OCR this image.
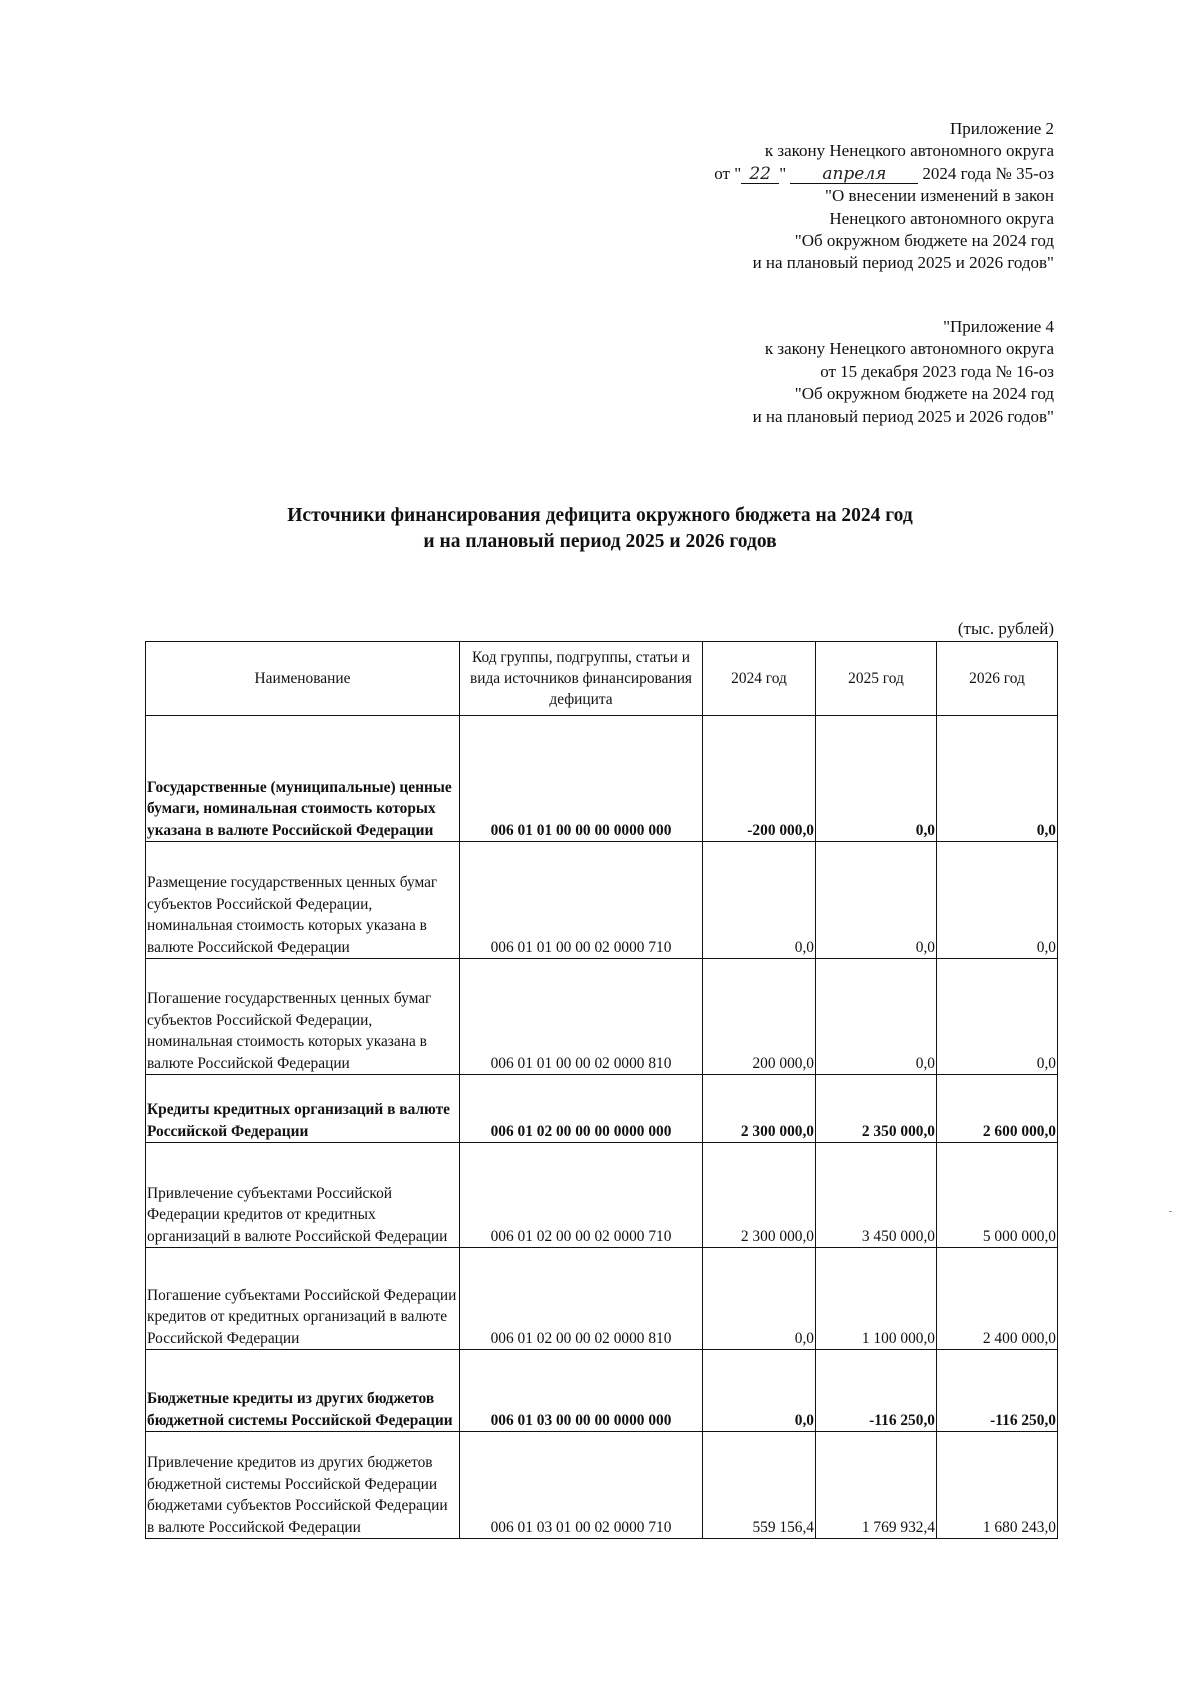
Приложение 2
к закону Ненецкого автономного округа
от " 22 " апреля 2024 года № 35-оз
"О внесении изменений в закон
Ненецкого автономного округа
"Об окружном бюджете на 2024 год
и на плановый период 2025 и 2026 годов"
"Приложение 4
к закону Ненецкого автономного округа
от 15 декабря 2023 года № 16-оз
"Об окружном бюджете на 2024 год
и на плановый период 2025 и 2026 годов"
Источники финансирования дефицита окружного бюджета на 2024 год
и на плановый период 2025 и 2026 годов
(тыс. рублей)
Наименование	Код группы, подгруппы, статьи и вида источников финансирования дефицита	2024 год	2025 год	2026 год
Государственные (муниципальные) ценные бумаги, номинальная стоимость которых указана в валюте Российской Федерации	006 01 01 00 00 00 0000 000	-200 000,0	0,0	0,0
Размещение государственных ценных бумаг субъектов Российской Федерации, номинальная стоимость которых указана в валюте Российской Федерации	006 01 01 00 00 02 0000 710	0,0	0,0	0,0
Погашение государственных ценных бумаг субъектов Российской Федерации, номинальная стоимость которых указана в валюте Российской Федерации	006 01 01 00 00 02 0000 810	200 000,0	0,0	0,0
Кредиты кредитных организаций в валюте Российской Федерации	006 01 02 00 00 00 0000 000	2 300 000,0	2 350 000,0	2 600 000,0
Привлечение субъектами Российской Федерации кредитов от кредитных организаций в валюте Российской Федерации	006 01 02 00 00 02 0000 710	2 300 000,0	3 450 000,0	5 000 000,0
Погашение субъектами Российской Федерации кредитов от кредитных организаций в валюте Российской Федерации	006 01 02 00 00 02 0000 810	0,0	1 100 000,0	2 400 000,0
Бюджетные кредиты из других бюджетов бюджетной системы Российской Федерации	006 01 03 00 00 00 0000 000	0,0	-116 250,0	-116 250,0
Привлечение кредитов из других бюджетов бюджетной системы Российской Федерации бюджетами субъектов Российской Федерации в валюте Российской Федерации	006 01 03 01 00 02 0000 710	559 156,4	1 769 932,4	1 680 243,0
